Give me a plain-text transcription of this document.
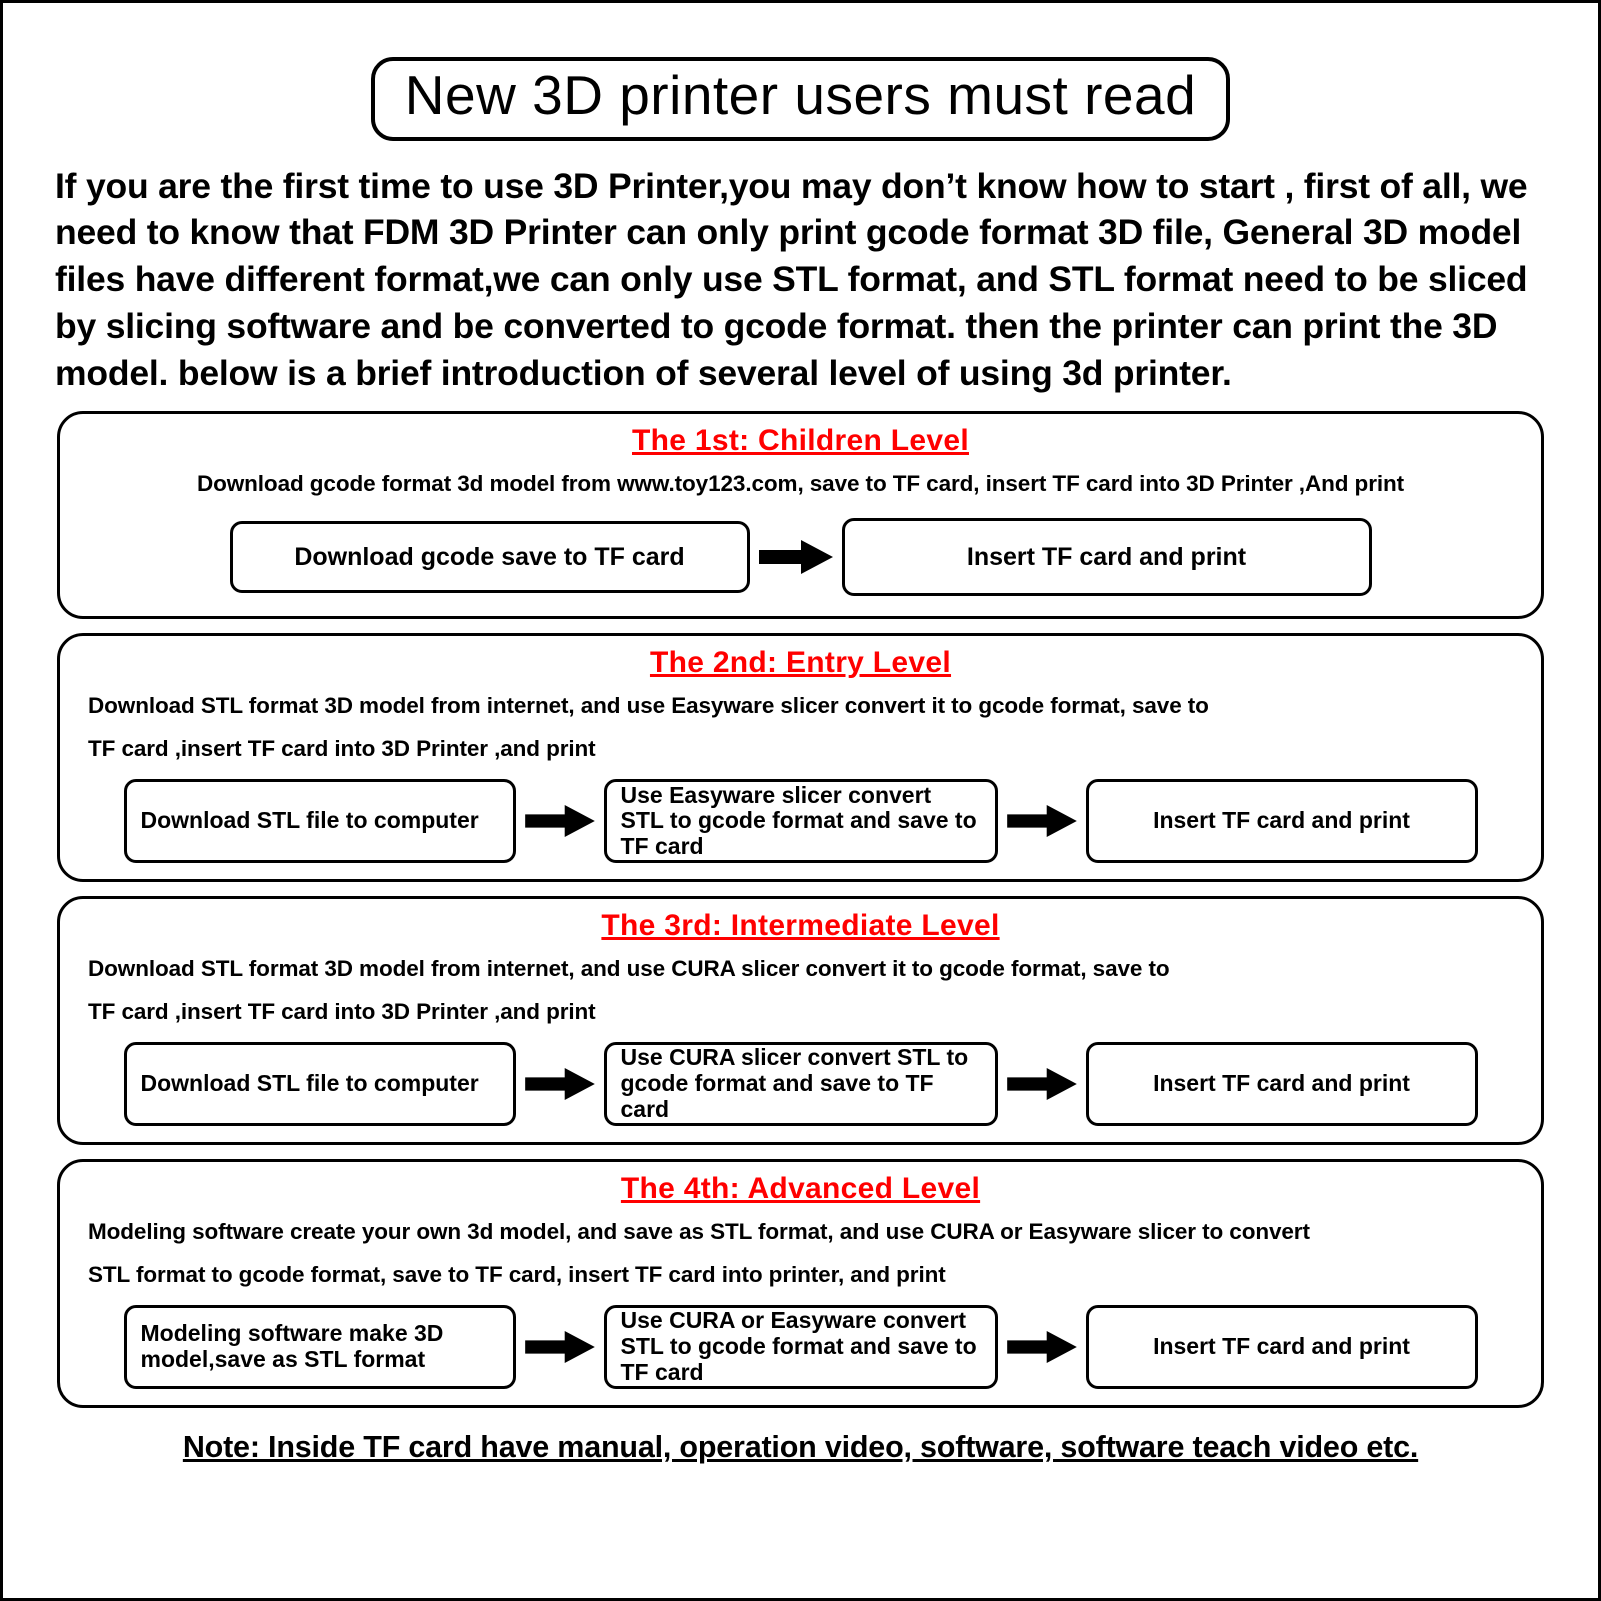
New 3D printer users must read
If you are the first time to use 3D Printer,you may don’t know how to start , first of all, we need to know that FDM 3D Printer can only print gcode format 3D file, General 3D model files have different format,we can only use STL format, and STL format need to be sliced by slicing software and be converted to gcode format. then the printer can print the 3D model. below is a brief introduction of several level of using 3d printer.
The 1st: Children Level
Download gcode format 3d model from www.toy123.com, save to TF card, insert TF card into 3D Printer ,And print
Download gcode save to TF card	Insert TF card and print
The 2nd: Entry Level
Download STL format 3D model from internet, and use Easyware slicer convert it to gcode format, save to
TF card ,insert TF card into 3D Printer ,and print
Download STL file to computer
Use Easyware slicer convert STL to gcode format and save to TF card
Insert TF card and print
The 3rd: Intermediate Level
Download STL format 3D model from internet, and use CURA slicer convert it to gcode format, save to
TF card ,insert TF card into 3D Printer ,and print
Download STL file to computer
Use CURA slicer convert STL to gcode format and save to TF card
Insert TF card and print
The 4th: Advanced Level
Modeling software create your own 3d model, and save as STL format, and use CURA or Easyware slicer to convert
STL format to gcode format, save to TF card, insert TF card into printer, and print
Modeling software make 3D model,save as STL format
Use CURA or Easyware convert STL to gcode format and save to TF card
Insert TF card and print
Note: Inside TF card have manual, operation video, software, software teach video etc.
